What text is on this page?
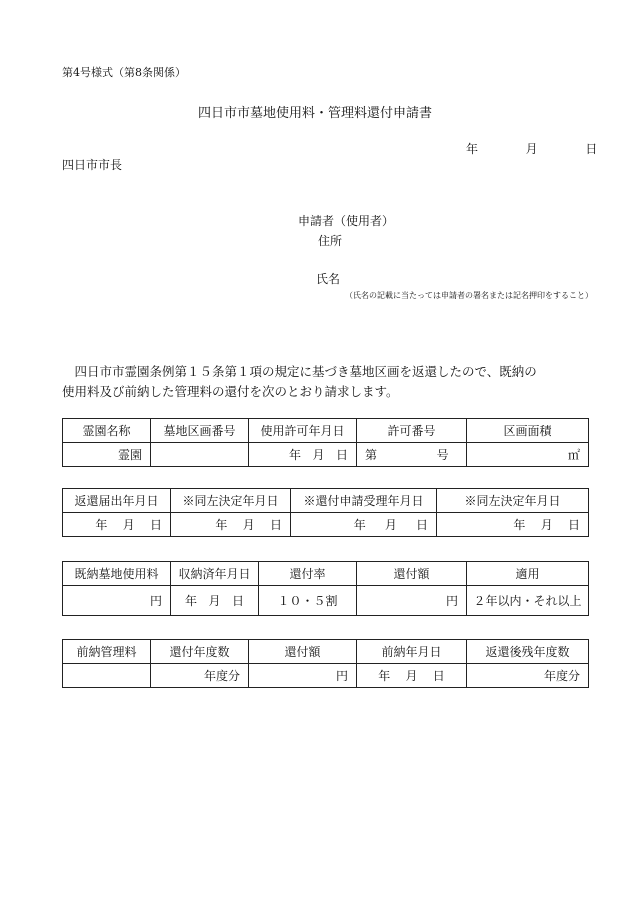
第4号様式（第8条関係）
四日市市墓地使用料・管理料還付申請書
年	月	日
四日市市長
申請者（使用者）
住所
氏名
（氏名の記載に当たっては申請者の署名または記名押印をすること）

四日市市霊園条例第１５条第１項の規定に基づき墓地区画を返還したので、既納の

使用料及び前納した管理料の還付を次のとおり請求します。

霊園名称	墓地区画番号	使用許可年月日	許可番号	区画面積
霊園		年 月 日	第 号	㎡
返還届出年月日	※同左決定年月日	※還付申請受理年月日	※同左決定年月日
年 月 日	年 月 日	年 月 日	年 月 日
既納墓地使用料	収納済年月日	還付率	還付額	適用
円	年 月 日	１０・５割	円	２年以内・それ以上
前納管理料	還付年度数	還付額	前納年月日	返還後残年度数
	年度分	円	年 月 日	年度分
